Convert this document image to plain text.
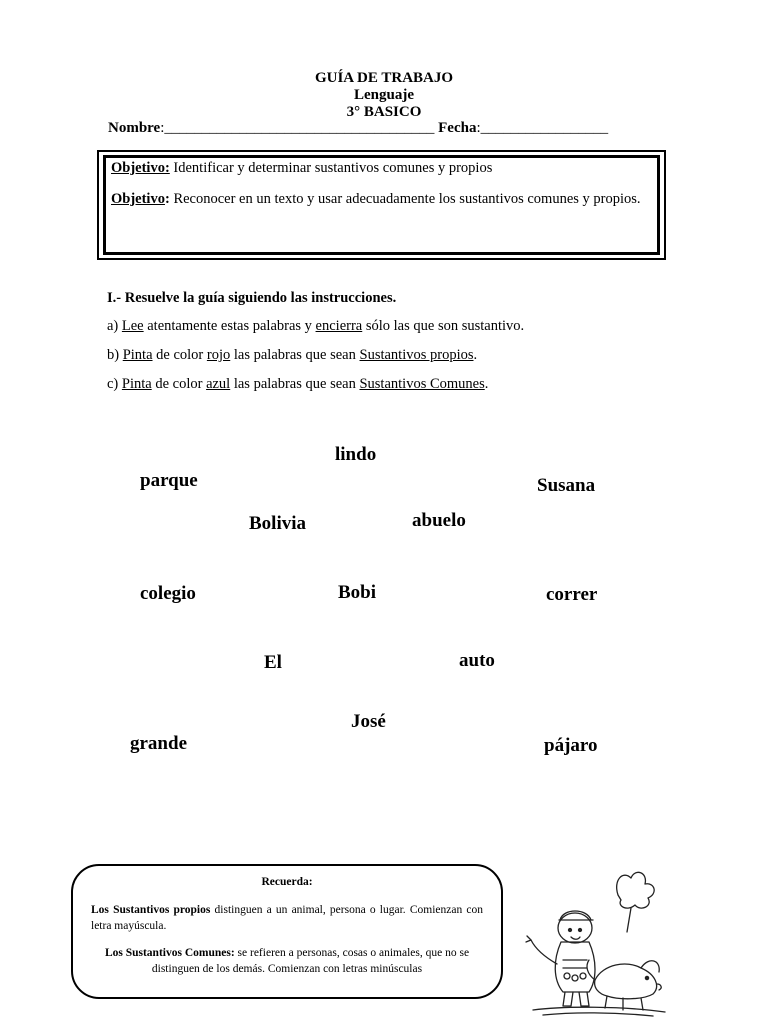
GUÍA DE TRABAJO
Lenguaje
3° BASICO
Nombre:____________________________________ Fecha:_________________
Objetivo: Identificar y determinar sustantivos comunes y propios
Objetivo: Reconocer en un texto y usar adecuadamente los sustantivos comunes y propios.
I.- Resuelve la guía siguiendo las instrucciones.
a) Lee atentamente estas palabras y encierra sólo las que son sustantivo.
b) Pinta de color rojo las palabras que sean Sustantivos propios.
c) Pinta de color azul las palabras que sean Sustantivos Comunes.
lindo
parque	Susana
Bolivia	abuelo
colegio	Bobi	correr
El	auto
José
grande	pájaro
Recuerda:
Los Sustantivos propios distinguen a un animal, persona o lugar. Comienzan con letra mayúscula.
Los Sustantivos Comunes: se refieren a personas, cosas o animales, que no se distinguen de los demás. Comienzan con letras minúsculas
